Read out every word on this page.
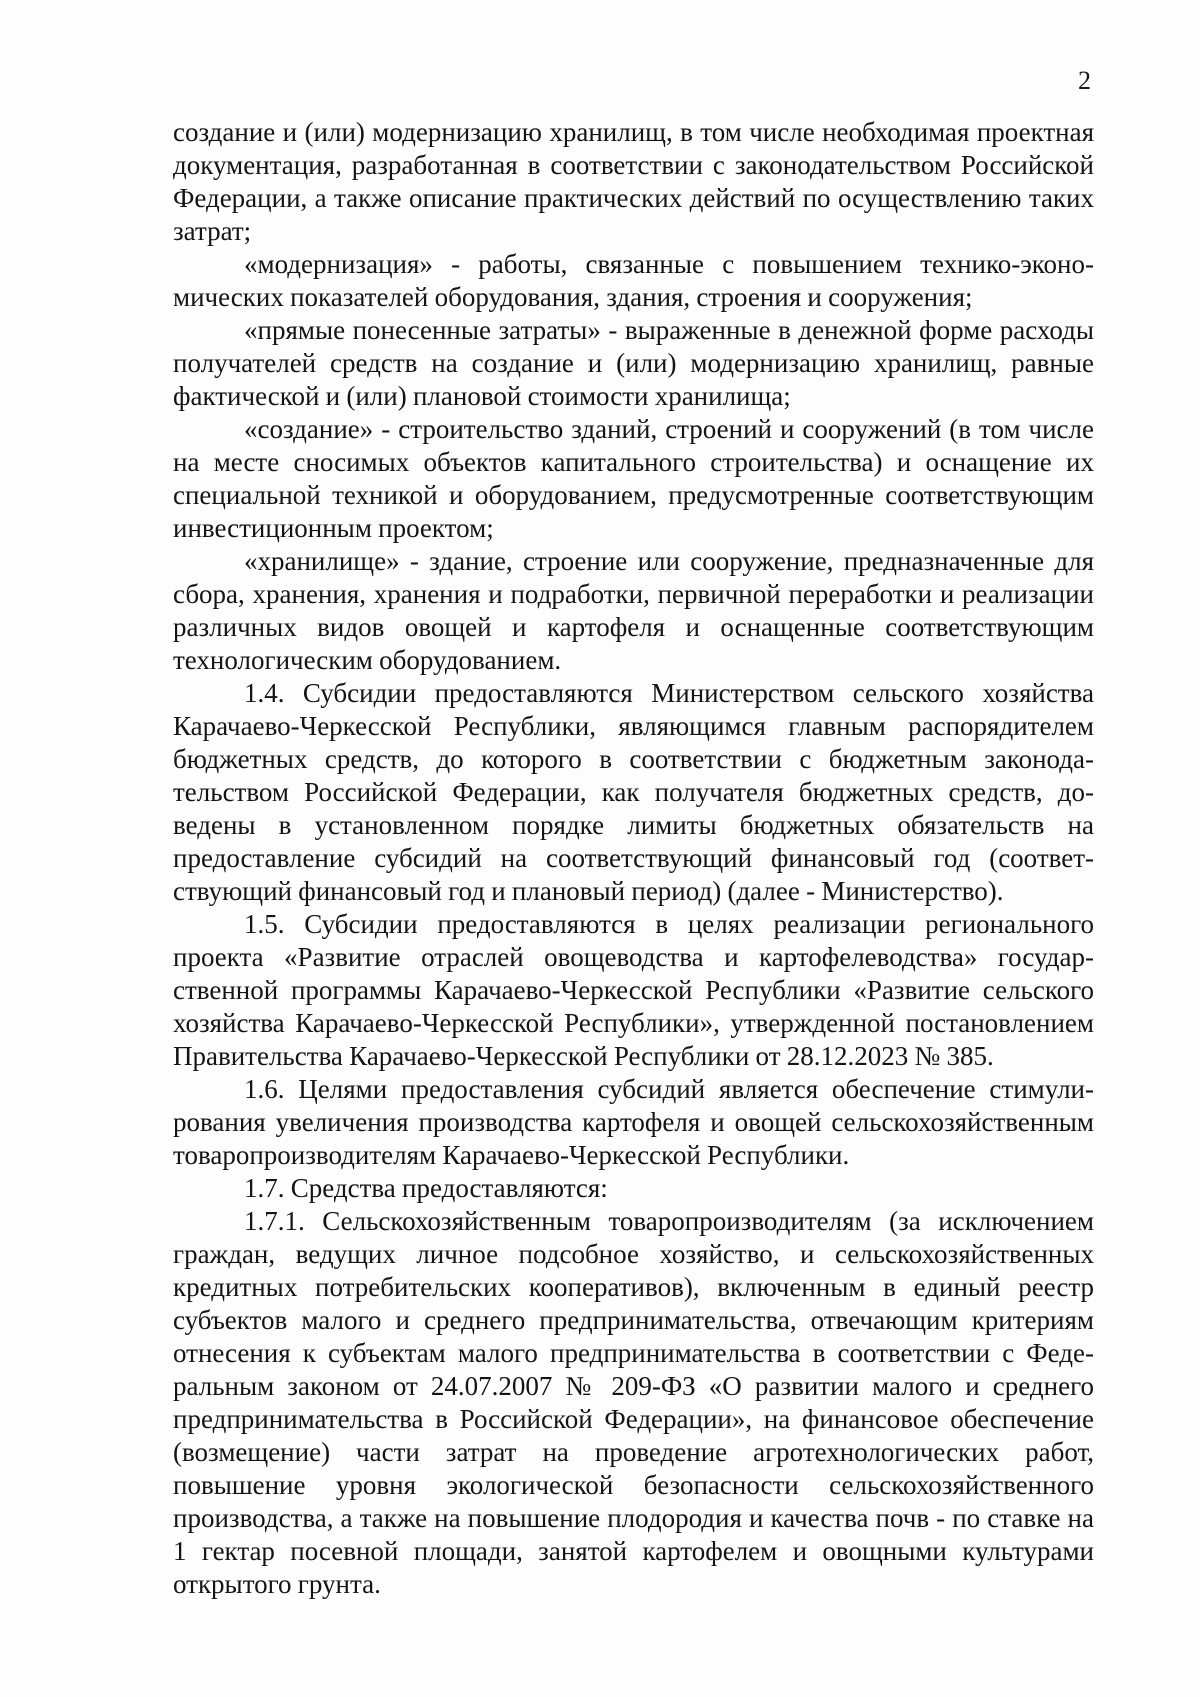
2

создание и (или) модернизацию хранилищ, в том числе необходимая проектная документация, разработанная в соответствии с законодательством Российской Федерации, а также описание практических действий по осуществлению таких затрат;

«модернизация» - работы, связанные с повышением технико-экономических показателей оборудования, здания, строения и сооружения;

«прямые понесенные затраты» - выраженные в денежной форме расходы получателей средств на создание и (или) модернизацию хранилищ, равные фактической и (или) плановой стоимости хранилища;

«создание» - строительство зданий, строений и сооружений (в том числе на месте сносимых объектов капитального строительства) и оснащение их специальной техникой и оборудованием, предусмотренные соответствующим инвестиционным проектом;

«хранилище» - здание, строение или сооружение, предназначенные для сбора, хранения, хранения и подработки, первичной переработки и реализации различных видов овощей и картофеля и оснащенные соответствующим технологическим оборудованием.

1.4. Субсидии предоставляются Министерством сельского хозяйства Карачаево-Черкесской Республики, являющимся главным распорядителем бюджетных средств, до которого в соответствии с бюджетным законодательством Российской Федерации, как получателя бюджетных средств, доведены в установленном порядке лимиты бюджетных обязательств на предоставление субсидий на соответствующий финансовый год (соответствующий финансовый год и плановый период) (далее - Министерство).

1.5. Субсидии предоставляются в целях реализации регионального проекта «Развитие отраслей овощеводства и картофелеводства» государственной программы Карачаево-Черкесской Республики «Развитие сельского хозяйства Карачаево-Черкесской Республики», утвержденной постановлением Правительства Карачаево-Черкесской Республики от 28.12.2023 № 385.

1.6. Целями предоставления субсидий является обеспечение стимулирования увеличения производства картофеля и овощей сельскохозяйственным товаропроизводителям Карачаево-Черкесской Республики.

1.7. Средства предоставляются:

1.7.1. Сельскохозяйственным товаропроизводителям (за исключением граждан, ведущих личное подсобное хозяйство, и сельскохозяйственных кредитных потребительских кооперативов), включенным в единый реестр субъектов малого и среднего предпринимательства, отвечающим критериям отнесения к субъектам малого предпринимательства в соответствии с Федеральным законом от 24.07.2007 № 209-ФЗ «О развитии малого и среднего предпринимательства в Российской Федерации», на финансовое обеспечение (возмещение) части затрат на проведение агротехнологических работ, повышение уровня экологической безопасности сельскохозяйственного производства, а также на повышение плодородия и качества почв - по ставке на 1 гектар посевной площади, занятой картофелем и овощными культурами открытого грунта.
